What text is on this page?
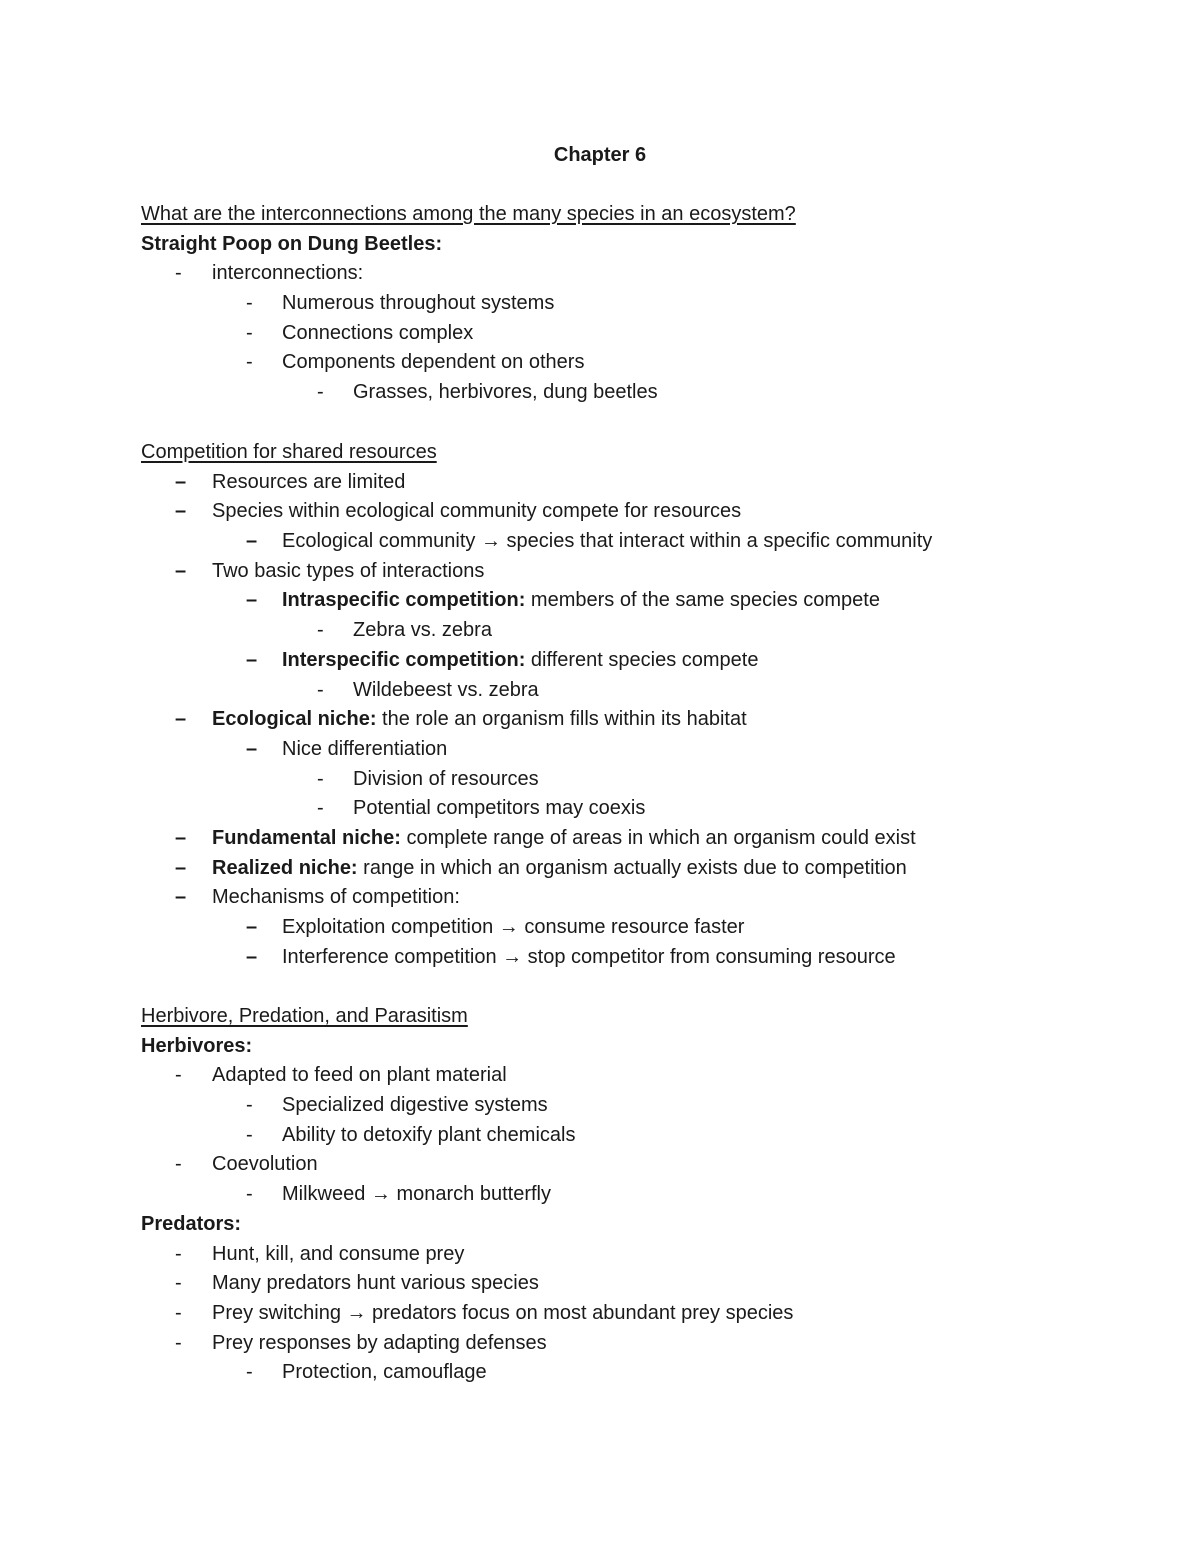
Chapter 6
What are the interconnections among the many species in an ecosystem?
Straight Poop on Dung Beetles:
- interconnections:
- Numerous throughout systems
- Connections complex
- Components dependent on others
- Grasses, herbivores, dung beetles
Competition for shared resources
– Resources are limited
– Species within ecological community compete for resources
– Ecological community → species that interact within a specific community
– Two basic types of interactions
– Intraspecific competition: members of the same species compete
- Zebra vs. zebra
– Interspecific competition: different species compete
- Wildebeest vs. zebra
– Ecological niche: the role an organism fills within its habitat
– Nice differentiation
- Division of resources
- Potential competitors may coexis
– Fundamental niche: complete range of areas in which an organism could exist
– Realized niche: range in which an organism actually exists due to competition
– Mechanisms of competition:
– Exploitation competition → consume resource faster
– Interference competition → stop competitor from consuming resource
Herbivore, Predation, and Parasitism
Herbivores:
- Adapted to feed on plant material
- Specialized digestive systems
- Ability to detoxify plant chemicals
- Coevolution
- Milkweed → monarch butterfly
Predators:
- Hunt, kill, and consume prey
- Many predators hunt various species
- Prey switching → predators focus on most abundant prey species
- Prey responses by adapting defenses
- Protection, camouflage
